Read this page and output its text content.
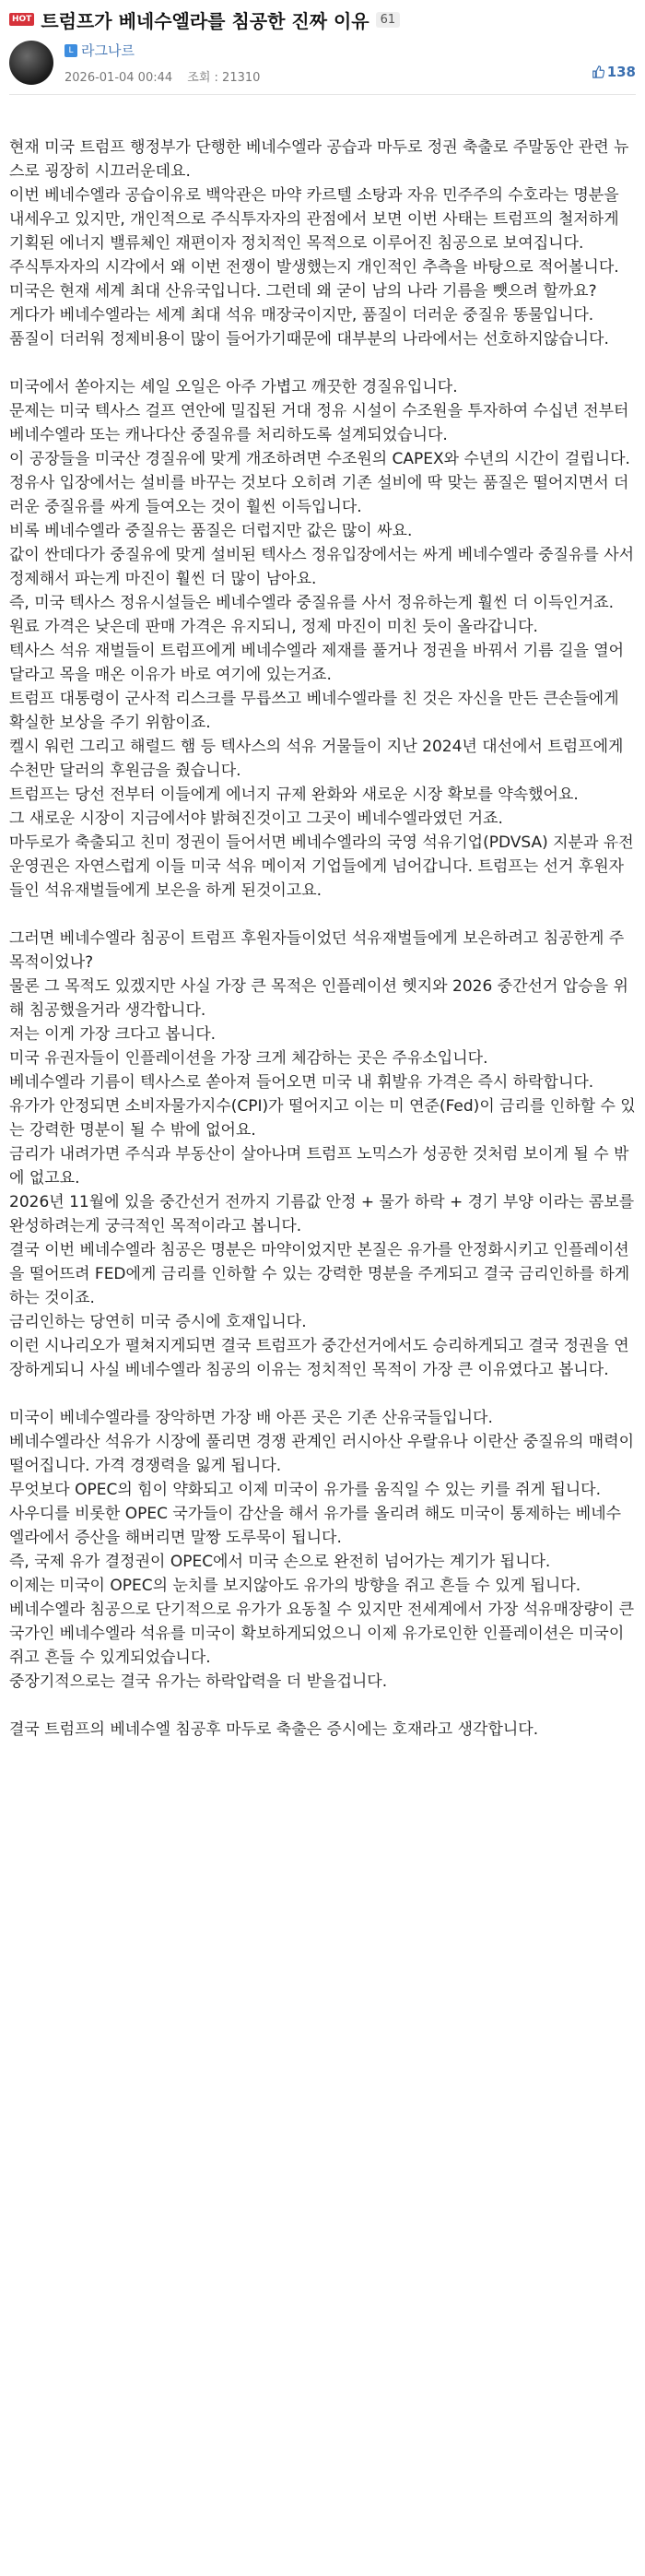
HOT 트럼프가 베네수엘라를 침공한 진짜 이유 61
L 라그나르
2026-01-04 00:44 조회 : 21310	138

현재 미국 트럼프 행정부가 단행한 베네수엘라 공습과 마두로 정권 축출로 주말동안 관련 뉴스로 굉장히 시끄러운데요.

이번 베네수엘라 공습이유로 백악관은 마약 카르텔 소탕과 자유 민주주의 수호라는 명분을 내세우고 있지만, 개인적으로 주식투자자의 관점에서 보면 이번 사태는 트럼프의 철저하게 기획된 에너지 밸류체인 재편이자 정치적인 목적으로 이루어진 침공으로 보여집니다.

주식투자자의 시각에서 왜 이번 전쟁이 발생했는지 개인적인 추측을 바탕으로 적어볼니다.

미국은 현재 세계 최대 산유국입니다. 그런데 왜 굳이 남의 나라 기름을 뺏으려 할까요?

게다가 베네수엘라는 세계 최대 석유 매장국이지만, 품질이 더러운 중질유 똥물입니다.

품질이 더러워 정제비용이 많이 들어가기때문에 대부분의 나라에서는 선호하지않습니다.

미국에서 쏟아지는 셰일 오일은 아주 가볍고 깨끗한 경질유입니다.

문제는 미국 텍사스 걸프 연안에 밀집된 거대 정유 시설이 수조원을 투자하여 수십년 전부터 베네수엘라 또는 캐나다산 중질유를 처리하도록 설계되었습니다.

이 공장들을 미국산 경질유에 맞게 개조하려면 수조원의 CAPEX와 수년의 시간이 걸립니다.

정유사 입장에서는 설비를 바꾸는 것보다 오히려 기존 설비에 딱 맞는 품질은 떨어지면서 더러운 중질유를 싸게 들여오는 것이 훨씬 이득입니다.

비록 베네수엘라 중질유는 품질은 더럽지만 값은 많이 싸요.

값이 싼데다가 중질유에 맞게 설비된 텍사스 정유입장에서는 싸게 베네수엘라 중질유를 사서 정제해서 파는게 마진이 훨씬 더 많이 남아요.

즉, 미국 텍사스 정유시설들은 베네수엘라 중질유를 사서 정유하는게 훨씬 더 이득인거죠.

원료 가격은 낮은데 판매 가격은 유지되니, 정제 마진이 미친 듯이 올라갑니다.

텍사스 석유 재벌들이 트럼프에게 베네수엘라 제재를 풀거나 정권을 바꿔서 기름 길을 열어달라고 목을 매온 이유가 바로 여기에 있는거죠.

트럼프 대통령이 군사적 리스크를 무릅쓰고 베네수엘라를 친 것은 자신을 만든 큰손들에게 확실한 보상을 주기 위함이죠.

켈시 워런 그리고 해럴드 햄 등 텍사스의 석유 거물들이 지난 2024년 대선에서 트럼프에게 수천만 달러의 후원금을 줬습니다.

트럼프는 당선 전부터 이들에게 에너지 규제 완화와 새로운 시장 확보를 약속했어요.

그 새로운 시장이 지금에서야 밝혀진것이고 그곳이 베네수엘라였던 거죠.

마두로가 축출되고 친미 정권이 들어서면 베네수엘라의 국영 석유기업(PDVSA) 지분과 유전 운영권은 자연스럽게 이들 미국 석유 메이저 기업들에게 넘어갑니다. 트럼프는 선거 후원자들인 석유재벌들에게 보은을 하게 된것이고요.

그러면 베네수엘라 침공이 트럼프 후원자들이었던 석유재벌들에게 보은하려고 침공한게 주목적이었나?

물론 그 목적도 있겠지만 사실 가장 큰 목적은 인플레이션 헷지와 2026 중간선거 압승을 위해 침공했을거라 생각합니다.

저는 이게 가장 크다고 봅니다.

미국 유권자들이 인플레이션을 가장 크게 체감하는 곳은 주유소입니다.

베네수엘라 기름이 텍사스로 쏟아져 들어오면 미국 내 휘발유 가격은 즉시 하락합니다.

유가가 안정되면 소비자물가지수(CPI)가 떨어지고 이는 미 연준(Fed)이 금리를 인하할 수 있는 강력한 명분이 될 수 밖에 없어요.

금리가 내려가면 주식과 부동산이 살아나며 트럼프 노믹스가 성공한 것처럼 보이게 될 수 밖에 없고요.

2026년 11월에 있을 중간선거 전까지 기름값 안정 + 물가 하락 + 경기 부양 이라는 콤보를 완성하려는게 궁극적인 목적이라고 봅니다.

결국 이번 베네수엘라 침공은 명분은 마약이었지만 본질은 유가를 안정화시키고 인플레이션을 떨어뜨려 FED에게 금리를 인하할 수 있는 강력한 명분을 주게되고 결국 금리인하를 하게하는 것이죠.

금리인하는 당연히 미국 증시에 호재입니다.

이런 시나리오가 펼쳐지게되면 결국 트럼프가 중간선거에서도 승리하게되고 결국 정권을 연장하게되니 사실 베네수엘라 침공의 이유는 정치적인 목적이 가장 큰 이유였다고 봅니다.

미국이 베네수엘라를 장악하면 가장 배 아픈 곳은 기존 산유국들입니다.

베네수엘라산 석유가 시장에 풀리면 경쟁 관계인 러시아산 우랄유나 이란산 중질유의 매력이 떨어집니다. 가격 경쟁력을 잃게 됩니다.

무엇보다 OPEC의 힘이 약화되고 이제 미국이 유가를 움직일 수 있는 키를 쥐게 됩니다.

사우디를 비롯한 OPEC 국가들이 감산을 해서 유가를 올리려 해도 미국이 통제하는 베네수엘라에서 증산을 해버리면 말짱 도루묵이 됩니다.

즉, 국제 유가 결정권이 OPEC에서 미국 손으로 완전히 넘어가는 계기가 됩니다.

이제는 미국이 OPEC의 눈치를 보지않아도 유가의 방향을 쥐고 흔들 수 있게 됩니다.

베네수엘라 침공으로 단기적으로 유가가 요동칠 수 있지만 전세계에서 가장 석유매장량이 큰 국가인 베네수엘라 석유를 미국이 확보하게되었으니 이제 유가로인한 인플레이션은 미국이 쥐고 흔들 수 있게되었습니다.

중장기적으로는 결국 유가는 하락압력을 더 받을겁니다.

결국 트럼프의 베네수엘 침공후 마두로 축출은 증시에는 호재라고 생각합니다.
